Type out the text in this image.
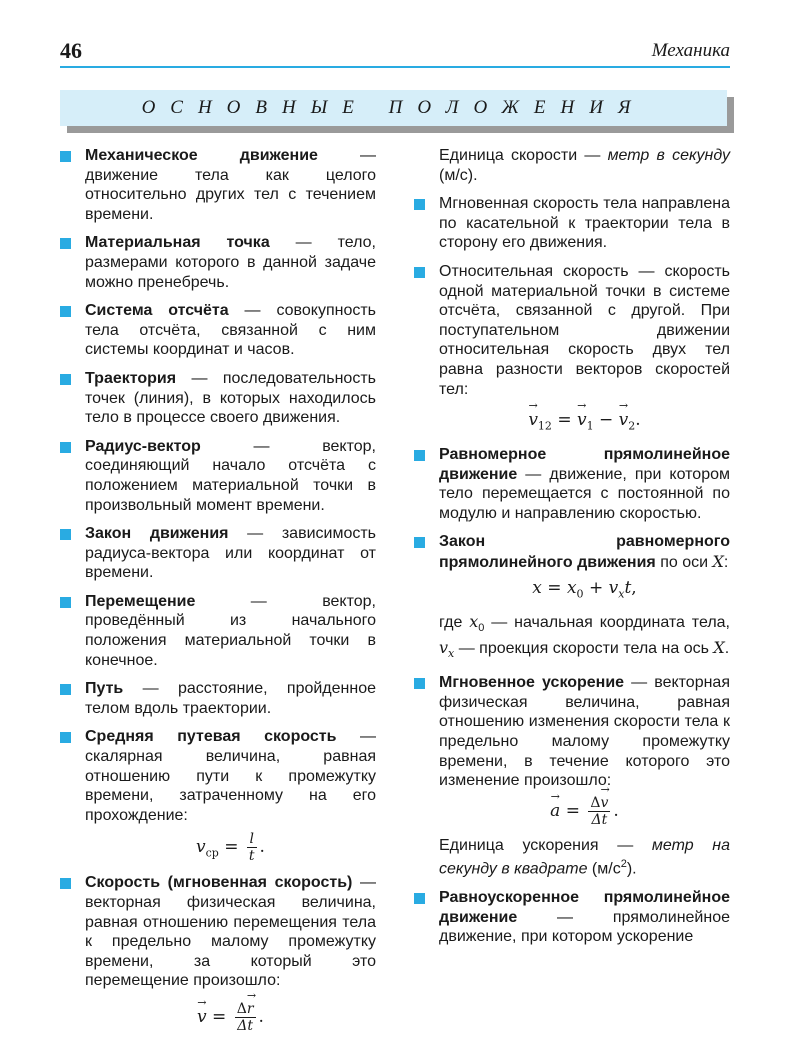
46	Механика
ОСНОВНЫЕ ПОЛОЖЕНИЯ

Механическое движение — движение тела как целого относительно других тел с течением времени.

Материальная точка — тело, размерами которого в данной задаче можно пренебречь.

Система отсчёта — совокупность тела отсчёта, связанной с ним системы координат и часов.

Траектория — последовательность точек (линия), в которых находилось тело в процессе своего движения.

Радиус-вектор — вектор, соединяющий начало отсчёта с положением материальной точки в произвольный момент времени.

Закон движения — зависимость радиуса-вектора или координат от времени.

Перемещение — вектор, проведённый из начального положения материальной точки в конечное.

Путь — расстояние, пройденное телом вдоль траектории.

Средняя путевая скорость — скалярная величина, равная отношению пути к промежутку времени, затраченному на его прохождение:

$v_{ср} = \frac{l}{t}$ .

Скорость (мгновенная скорость) — векторная физическая величина, равная отношению перемещения тела к предельно малому промежутку времени, за который это перемещение произошло:

→ $v = \frac{\Delta\to r}{\Delta t}$ .

Единица скорости — метр в секунду (м/с).

Мгновенная скорость тела направлена по касательной к траектории тела в сторону его движения.

Относительная скорость — скорость одной материальной точки в системе отсчёта, связанной с другой. При поступательном движении относительная скорость двух тел равна разности векторов скоростей тел:

→ $v_{12}$ = → $v_1$ − → $v_2$.

Равномерное прямолинейное движение — движение, при котором тело перемещается с постоянной по модулю и направлению скоростью.

Закон равномерного прямолинейного движения по оси X:

$x = x_0 + v_xt$,

где $x_0$ — начальная координата тела, $v_x$ — проекция скорости тела на ось X.

Мгновенное ускорение — векторная физическая величина, равная отношению изменения скорости тела к предельно малому промежутку времени, в течение которого это изменение произошло:

→ $a = \frac{\Delta\to v}{\Delta t}$ .

Единица ускорения — метр на секунду в квадрате $(м/с^2)$.

Равноускоренное прямолинейное движение — прямолинейное движение, при котором ускорение
